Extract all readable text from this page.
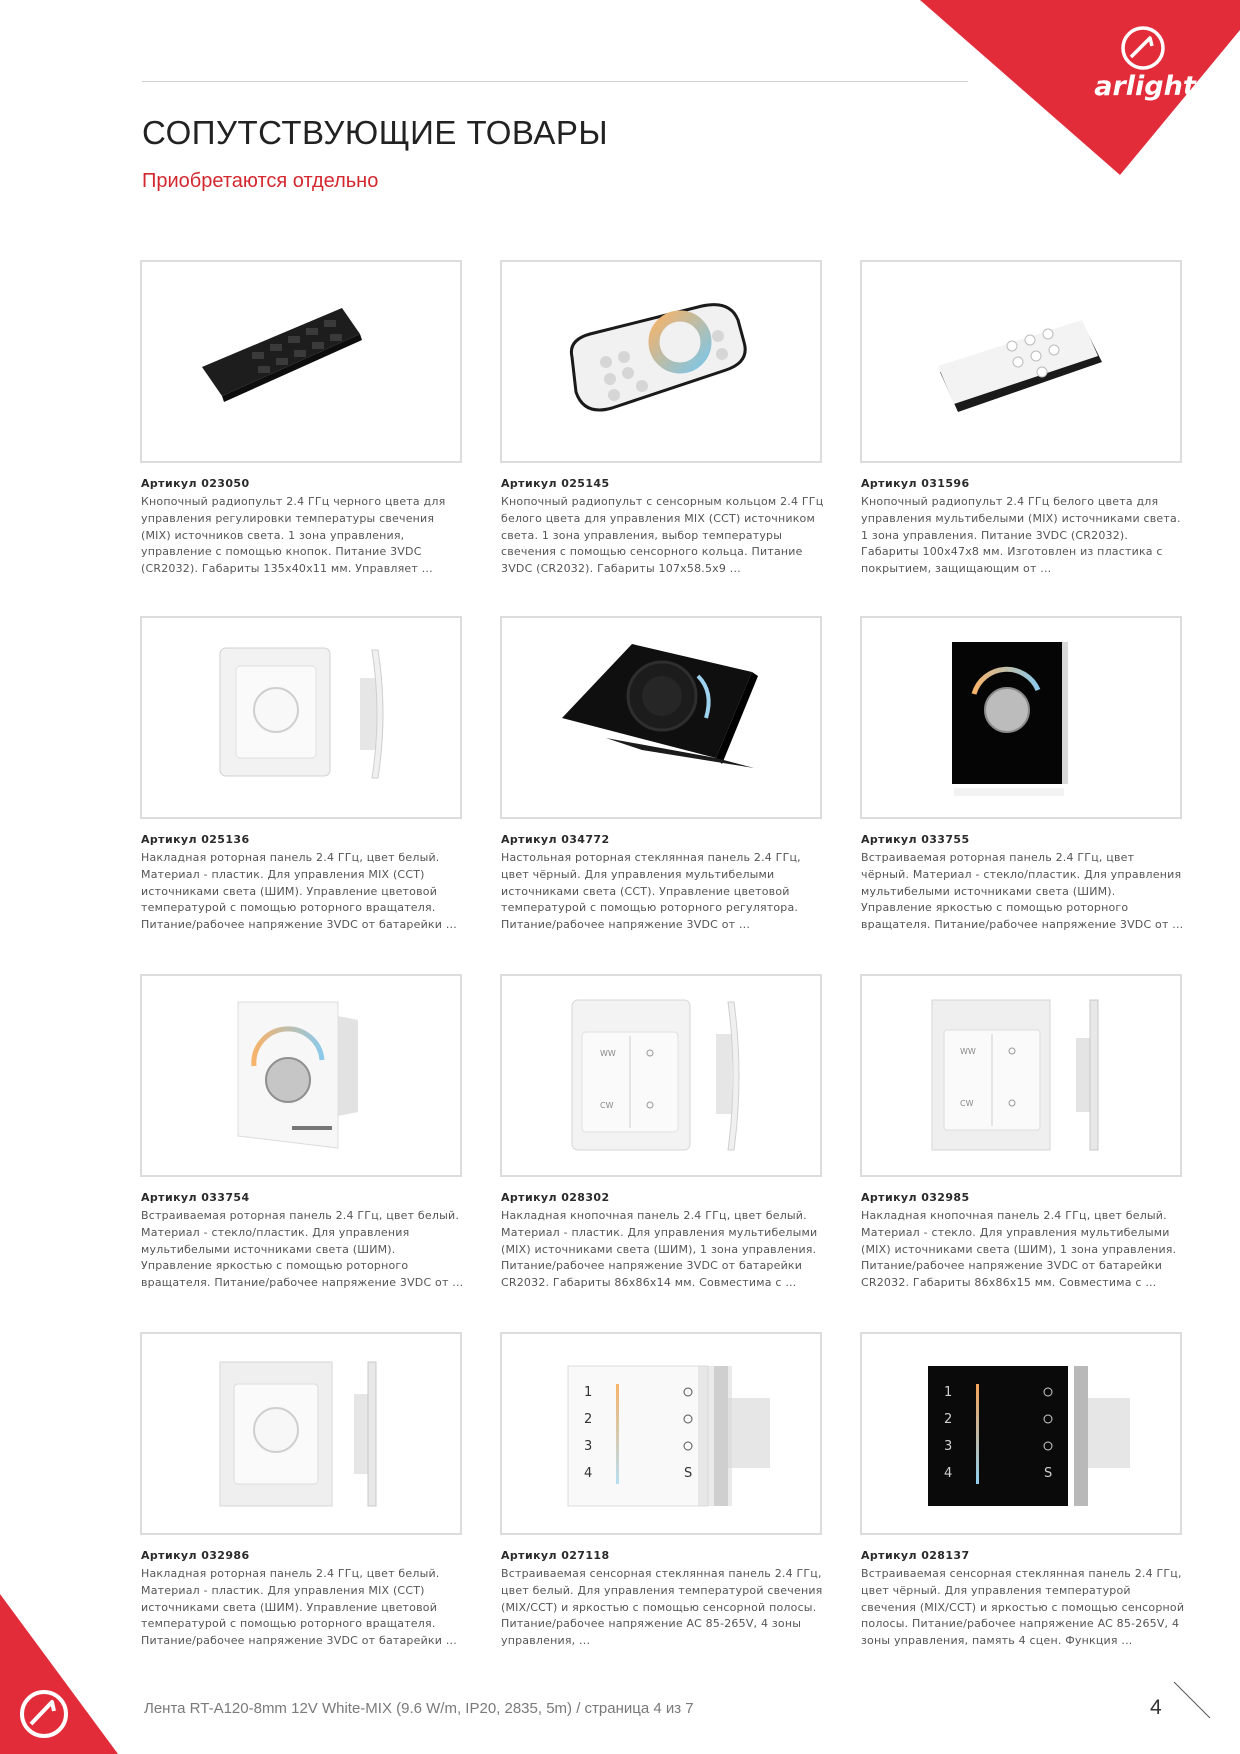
arlight
СОПУТСТВУЮЩИЕ ТОВАРЫ
Приобретаются отдельно
Артикул 023050
Кнопочный радиопульт 2.4 ГГц черного цвета для управления регулировки температуры свечения (MIX) источников света. 1 зона управления, управление с помощью кнопок. Питание 3VDC (CR2032). Габариты 135х40х11 мм. Управляет ...
Артикул 025145
Кнопочный радиопульт с сенсорным кольцом 2.4 ГГц белого цвета для управления MIX (CCT) источником света. 1 зона управления, выбор температуры свечения с помощью сенсорного кольца. Питание 3VDC (CR2032). Габариты 107х58.5х9 ...
Артикул 031596
Кнопочный радиопульт 2.4 ГГц белого цвета для управления мультибелыми (MIX) источниками света. 1 зона управления. Питание 3VDC (CR2032). Габариты 100х47х8 мм. Изготовлен из пластика с покрытием, защищающим от ...
Артикул 025136
Накладная роторная панель 2.4 ГГц, цвет белый. Материал - пластик. Для управления MIX (CCT) источниками света (ШИМ). Управление цветовой температурой с помощью роторного вращателя. Питание/рабочее напряжение 3VDC от батарейки ...
Артикул 034772
Настольная роторная стеклянная панель 2.4 ГГц, цвет чёрный. Для управления мультибелыми источниками света (CCT). Управление цветовой температурой с помощью роторного регулятора. Питание/рабочее напряжение 3VDC от ...
Артикул 033755
Встраиваемая роторная панель 2.4 ГГц, цвет чёрный. Материал - стекло/пластик. Для управления мультибелыми источниками света (ШИМ). Управление яркостью с помощью роторного вращателя. Питание/рабочее напряжение 3VDC от ...
Артикул 033754
Встраиваемая роторная панель 2.4 ГГц, цвет белый. Материал - стекло/пластик. Для управления мультибелыми источниками света (ШИМ). Управление яркостью с помощью роторного вращателя. Питание/рабочее напряжение 3VDC от ...
WW
CW
Артикул 028302
Накладная кнопочная панель 2.4 ГГц, цвет белый. Материал - пластик. Для управления мультибелыми (MIX) источниками света (ШИМ), 1 зона управления. Питание/рабочее напряжение 3VDC от батарейки CR2032. Габариты 86х86х14 мм. Совместима с ...
WW
CW
Артикул 032985
Накладная кнопочная панель 2.4 ГГц, цвет белый. Материал - стекло. Для управления мультибелыми (MIX) источниками света (ШИМ), 1 зона управления. Питание/рабочее напряжение 3VDC от батарейки CR2032. Габариты 86х86х15 мм. Совместима с ...
Артикул 032986
Накладная роторная панель 2.4 ГГц, цвет белый. Материал - пластик. Для управления MIX (CCT) источниками света (ШИМ). Управление цветовой температурой с помощью роторного вращателя. Питание/рабочее напряжение 3VDC от батарейки ...
1
2
3
4	S
Артикул 027118
Встраиваемая сенсорная стеклянная панель 2.4 ГГц, цвет белый. Для управления температурой свечения (MIX/CCT) и яркостью с помощью сенсорной полосы. Питание/рабочее напряжение AC 85-265V, 4 зоны управления, ...
1
2
3
4	S
Артикул 028137
Встраиваемая сенсорная стеклянная панель 2.4 ГГц, цвет чёрный. Для управления температурой свечения (MIX/CCT) и яркостью с помощью сенсорной полосы. Питание/рабочее напряжение AC 85-265V, 4 зоны управления, память 4 сцен. Функция ...
Лента RT-A120-8mm 12V White-MIX (9.6 W/m, IP20, 2835, 5m) / страница 4 из 7	4
